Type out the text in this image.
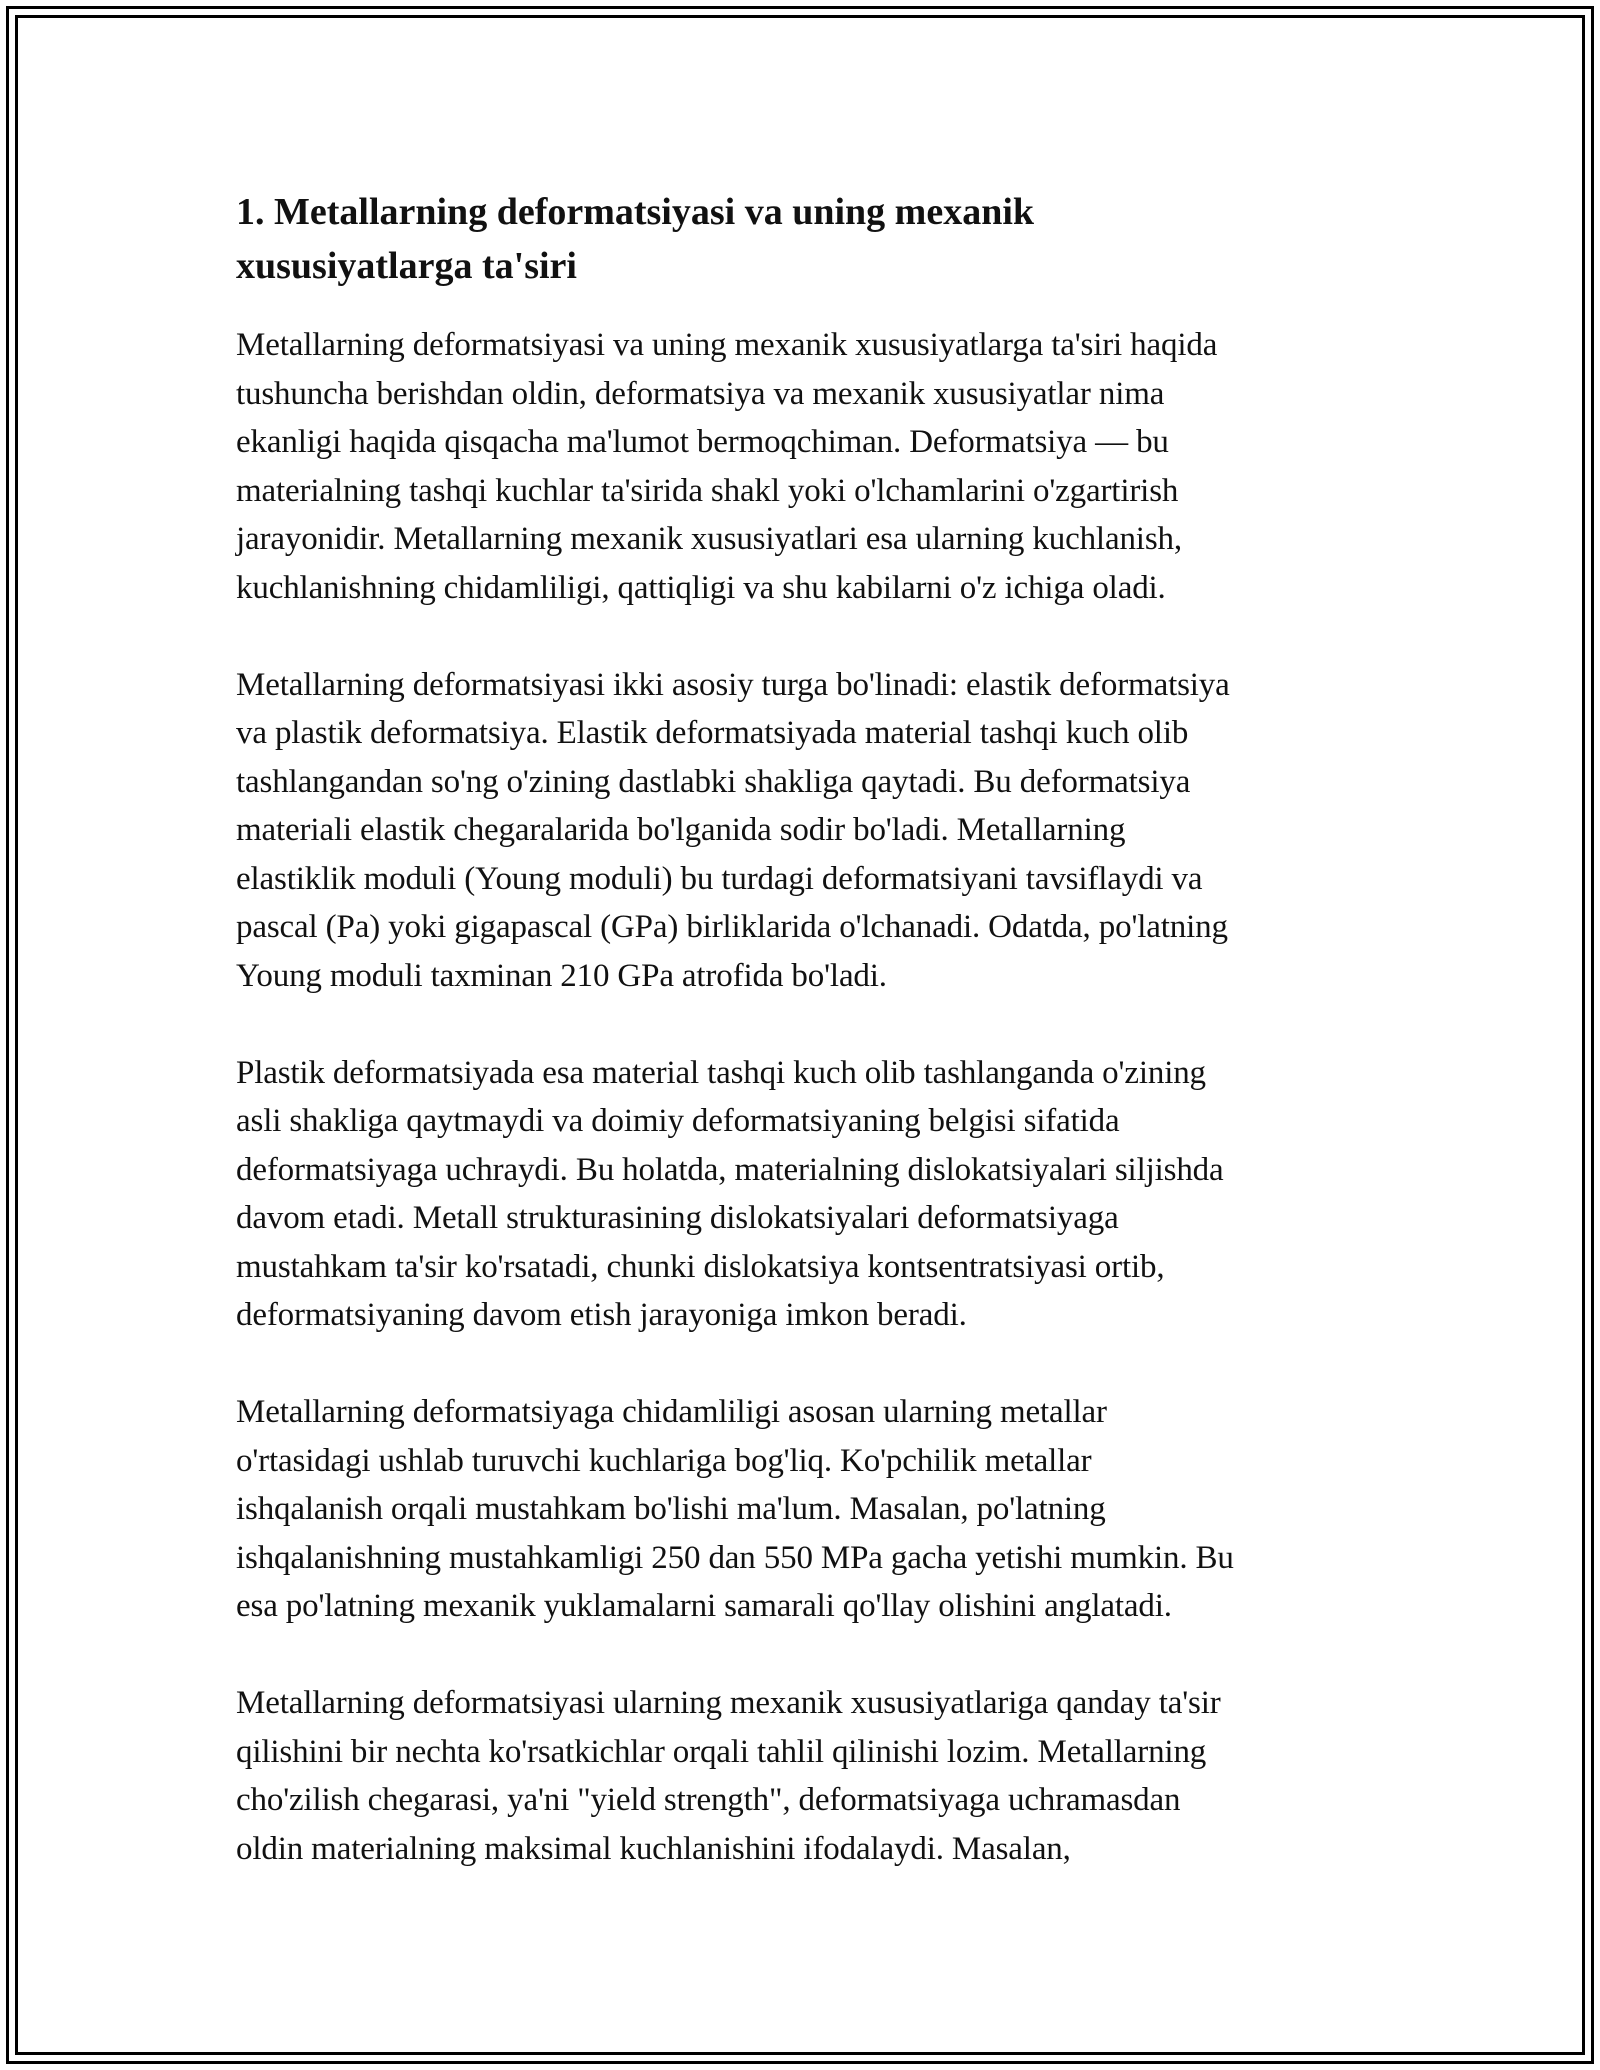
1. Metallarning deformatsiyasi va uning mexanik
xususiyatlarga ta'siri

Metallarning deformatsiyasi va uning mexanik xususiyatlarga ta'siri haqida
tushuncha berishdan oldin, deformatsiya va mexanik xususiyatlar nima
ekanligi haqida qisqacha ma'lumot bermoqchiman. Deformatsiya — bu
materialning tashqi kuchlar ta'sirida shakl yoki o'lchamlarini o'zgartirish
jarayonidir. Metallarning mexanik xususiyatlari esa ularning kuchlanish,
kuchlanishning chidamliligi, qattiqligi va shu kabilarni o'z ichiga oladi.

Metallarning deformatsiyasi ikki asosiy turga bo'linadi: elastik deformatsiya
va plastik deformatsiya. Elastik deformatsiyada material tashqi kuch olib
tashlangandan so'ng o'zining dastlabki shakliga qaytadi. Bu deformatsiya
materiali elastik chegaralarida bo'lganida sodir bo'ladi. Metallarning
elastiklik moduli (Young moduli) bu turdagi deformatsiyani tavsiflaydi va
pascal (Pa) yoki gigapascal (GPa) birliklarida o'lchanadi. Odatda, po'latning
Young moduli taxminan 210 GPa atrofida bo'ladi.

Plastik deformatsiyada esa material tashqi kuch olib tashlanganda o'zining
asli shakliga qaytmaydi va doimiy deformatsiyaning belgisi sifatida
deformatsiyaga uchraydi. Bu holatda, materialning dislokatsiyalari siljishda
davom etadi. Metall strukturasining dislokatsiyalari deformatsiyaga
mustahkam ta'sir ko'rsatadi, chunki dislokatsiya kontsentratsiyasi ortib,
deformatsiyaning davom etish jarayoniga imkon beradi.

Metallarning deformatsiyaga chidamliligi asosan ularning metallar
o'rtasidagi ushlab turuvchi kuchlariga bog'liq. Ko'pchilik metallar
ishqalanish orqali mustahkam bo'lishi ma'lum. Masalan, po'latning
ishqalanishning mustahkamligi 250 dan 550 MPa gacha yetishi mumkin. Bu
esa po'latning mexanik yuklamalarni samarali qo'llay olishini anglatadi.

Metallarning deformatsiyasi ularning mexanik xususiyatlariga qanday ta'sir
qilishini bir nechta ko'rsatkichlar orqali tahlil qilinishi lozim. Metallarning
cho'zilish chegarasi, ya'ni "yield strength", deformatsiyaga uchramasdan
oldin materialning maksimal kuchlanishini ifodalaydi. Masalan,
